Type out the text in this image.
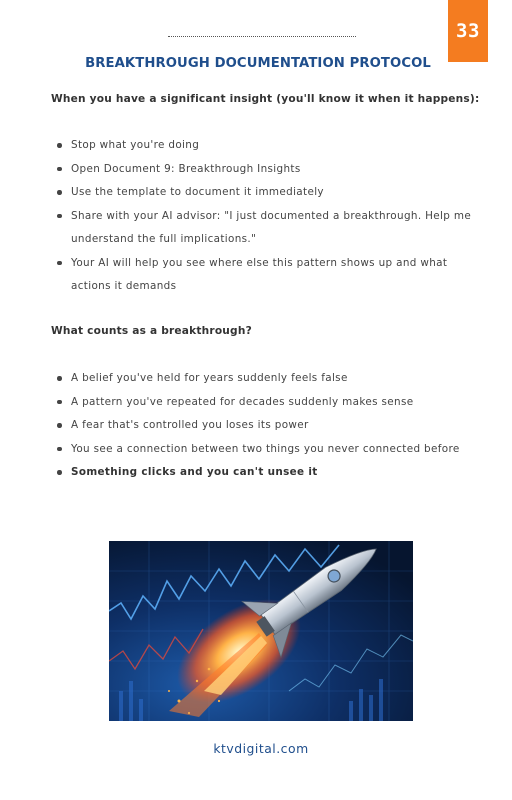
33
BREAKTHROUGH DOCUMENTATION PROTOCOL
When you have a significant insight (you'll know it when it happens):
Stop what you're doing
Open Document 9: Breakthrough Insights
Use the template to document it immediately
Share with your AI advisor: "I just documented a breakthrough. Help me understand the full implications."
Your AI will help you see where else this pattern shows up and what actions it demands
What counts as a breakthrough?
A belief you've held for years suddenly feels false
A pattern you've repeated for decades suddenly makes sense
A fear that's controlled you loses its power
You see a connection between two things you never connected before
Something clicks and you can't unsee it
ktvdigital.com
